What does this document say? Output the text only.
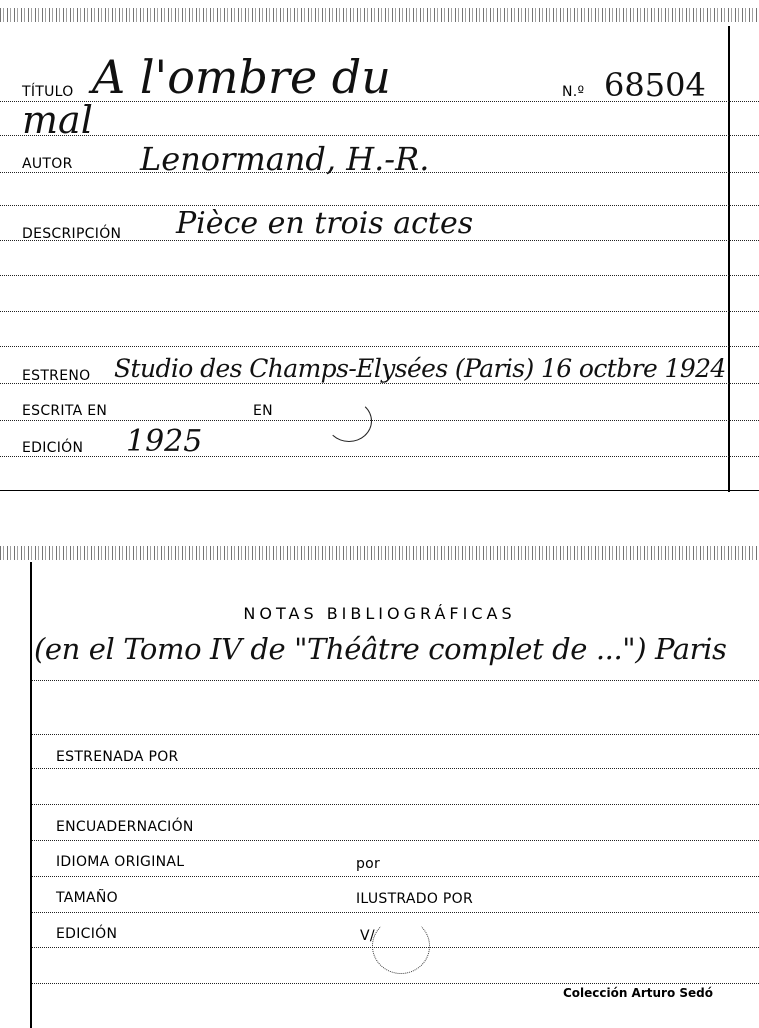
TÍTULO A l'ombre du	N.º 68504
mal
AUTOR Lenormand, H.-R.
DESCRIPCIÓN Pièce en trois actes
ESTRENO Studio des Champs-Elysées (Paris) 16 octbre 1924
ESCRITA EN	EN
EDICIÓN 1925
NOTAS BIBLIOGRÁFICAS
(en el Tomo IV de "Théâtre complet de ...") Paris
ESTRENADA POR
ENCUADERNACIÓN
IDIOMA ORIGINAL	por
TAMAÑO	ILUSTRADO POR
EDICIÓN	V/
Colección Arturo Sedó
